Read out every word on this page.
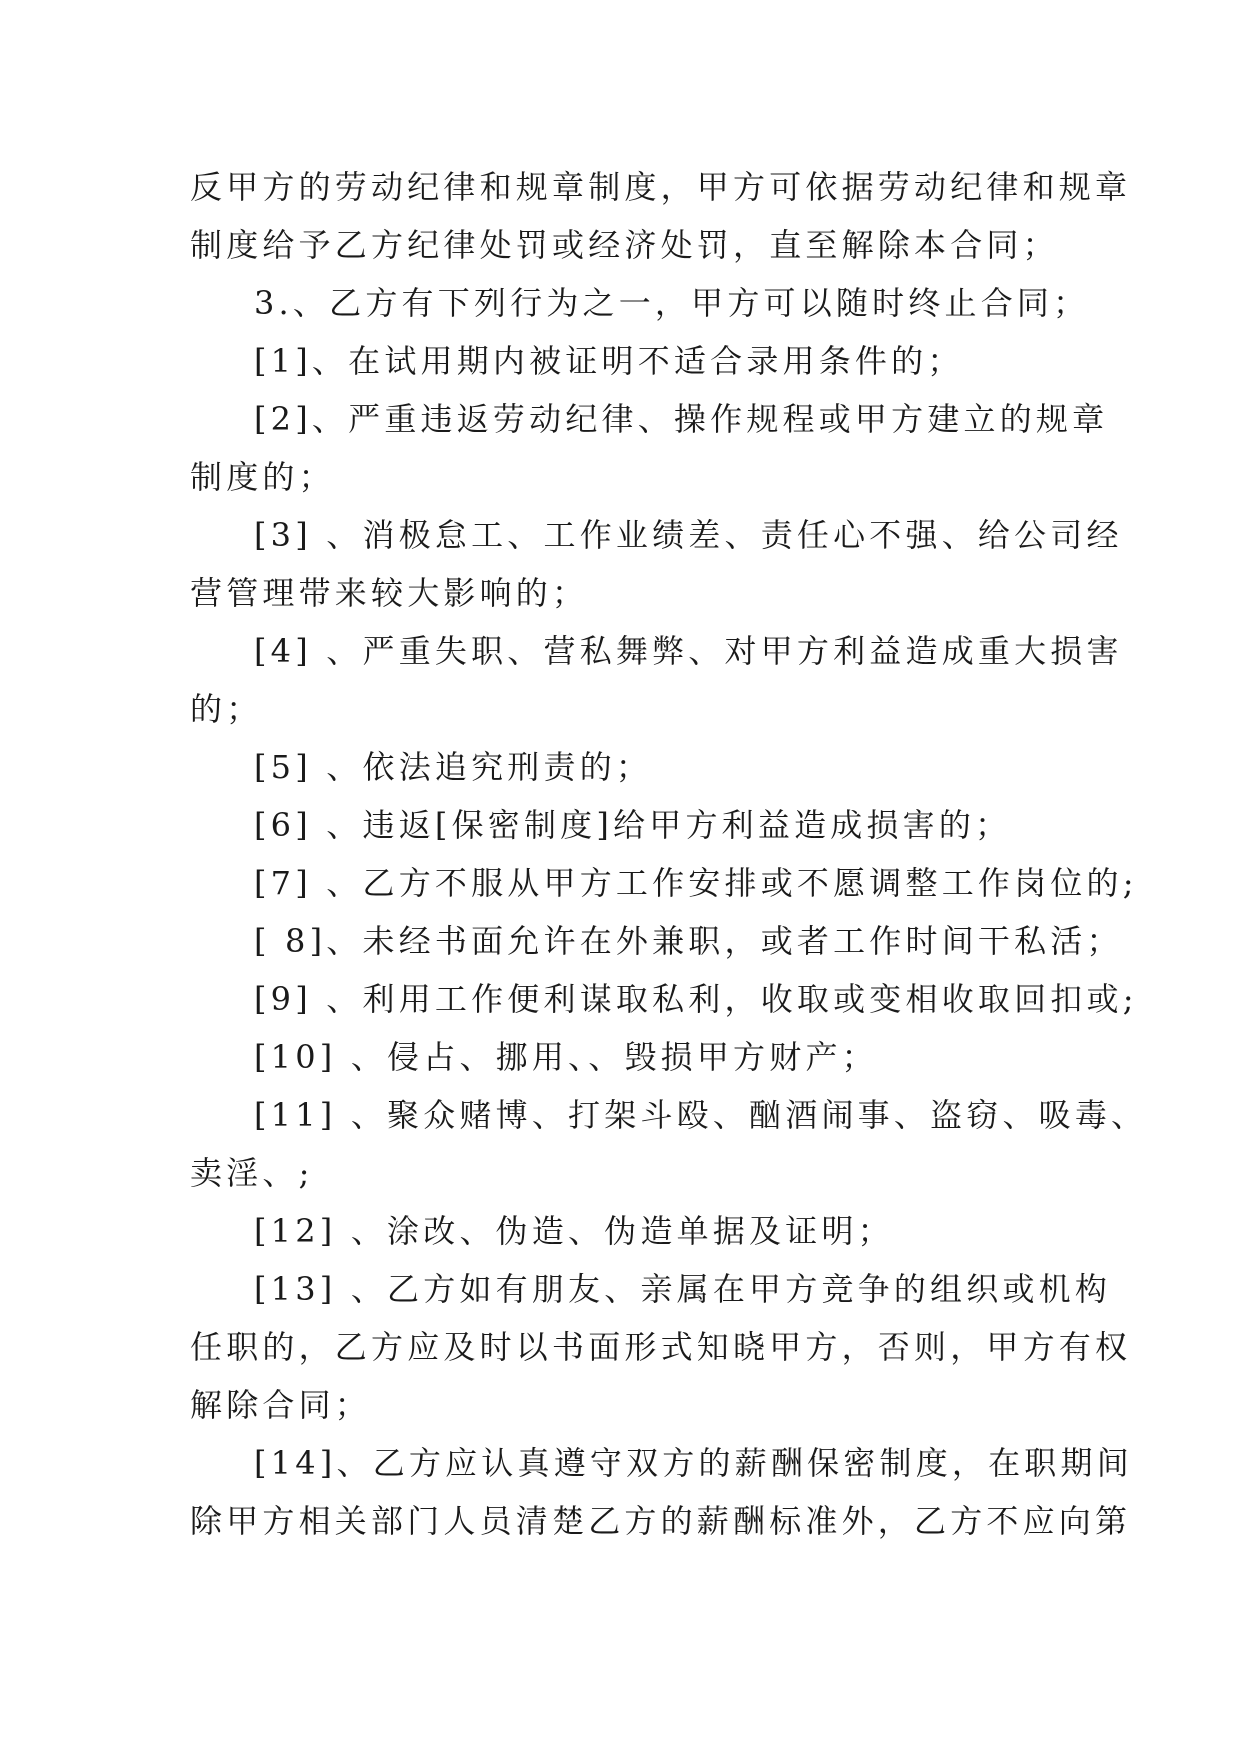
反甲方的劳动纪律和规章制度，甲方可依据劳动纪律和规章
制度给予乙方纪律处罚或经济处罚，直至解除本合同；
3.、乙方有下列行为之一，甲方可以随时终止合同；
[1]、在试用期内被证明不适合录用条件的；
[2]、严重违返劳动纪律、操作规程或甲方建立的规章
制度的；
[3] 、消极怠工、工作业绩差、责任心不强、给公司经
营管理带来较大影响的；
[4] 、严重失职、营私舞弊、对甲方利益造成重大损害
的；
[5] 、依法追究刑责的；
[6] 、违返[保密制度]给甲方利益造成损害的；
[7] 、乙方不服从甲方工作安排或不愿调整工作岗位的;
[ 8]、未经书面允许在外兼职，或者工作时间干私活；
[9] 、利用工作便利谋取私利，收取或变相收取回扣或;
[10] 、侵占、挪用、、毁损甲方财产；
[11] 、聚众赌博、打架斗殴、酗酒闹事、盗窃、吸毒、
卖淫、;
[12] 、涂改、伪造、伪造单据及证明；
[13] 、乙方如有朋友、亲属在甲方竞争的组织或机构
任职的，乙方应及时以书面形式知晓甲方，否则，甲方有权
解除合同；
[14]、乙方应认真遵守双方的薪酬保密制度，在职期间
除甲方相关部门人员清楚乙方的薪酬标准外，乙方不应向第
